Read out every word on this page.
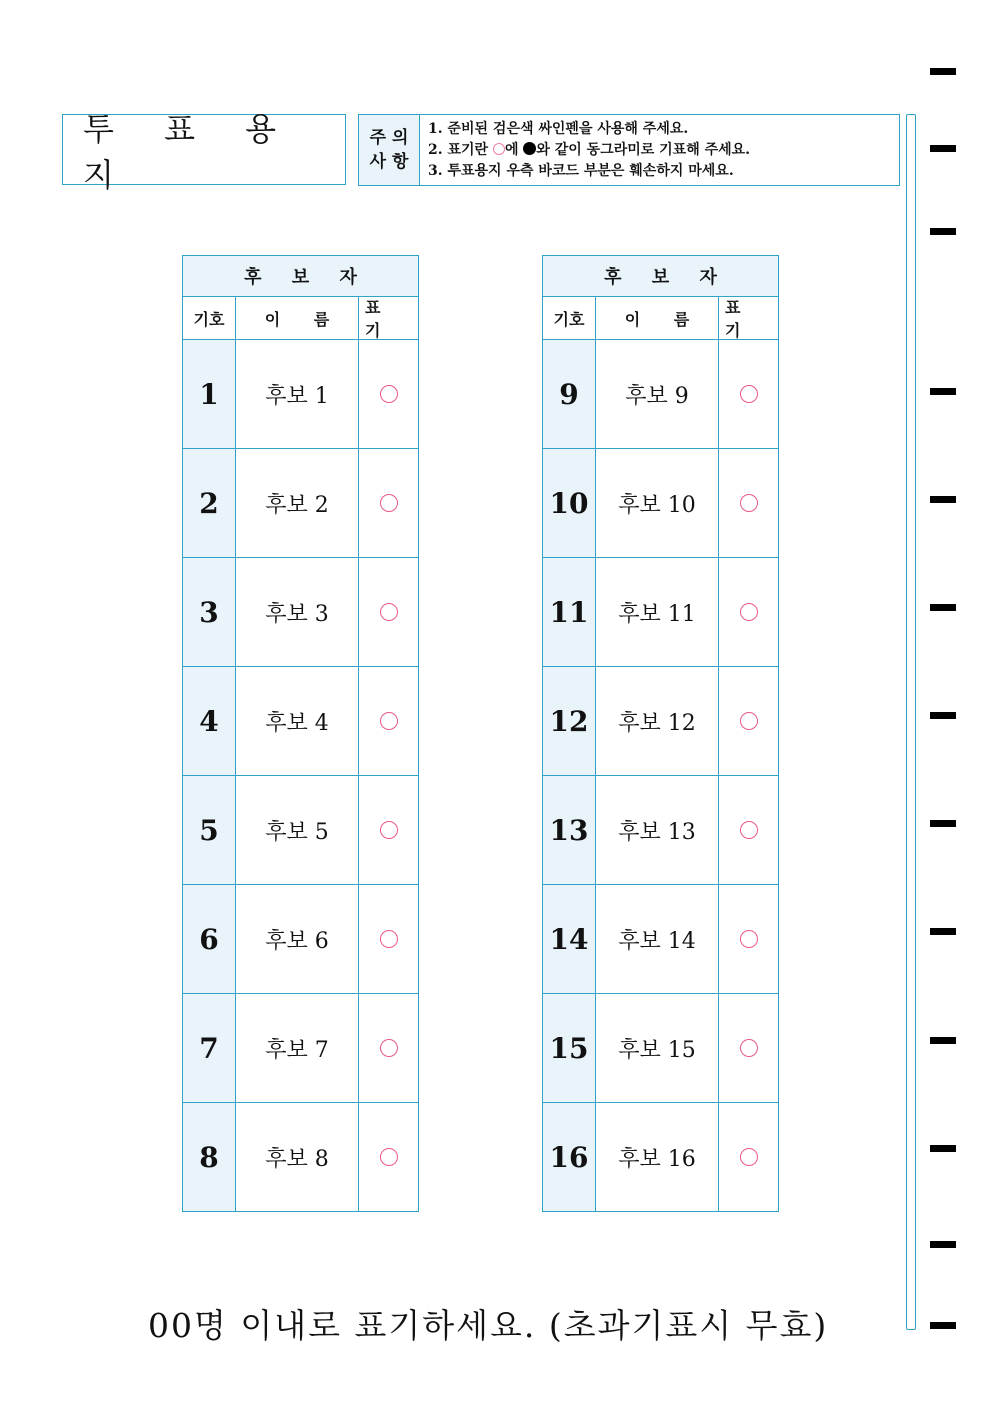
투 표 용 지
주 의
사 항
1. 준비된 검은색 싸인펜을 사용해 주세요.
2. 표기란 에 와 같이 동그라미로 기표해 주세요.
3. 투표용지 우측 바코드 부분은 훼손하지 마세요.
후 보 자
기호	이 름
표 기
1	후보 1
2	후보 2
3	후보 3
4	후보 4
5	후보 5
6	후보 6
7	후보 7
8	후보 8
후 보 자
기호	이 름
표 기
9	후보 9
10	후보 10
11	후보 11
12	후보 12
13	후보 13
14	후보 14
15	후보 15
16	후보 16
00명 이내로 표기하세요. (초과기표시 무효)
